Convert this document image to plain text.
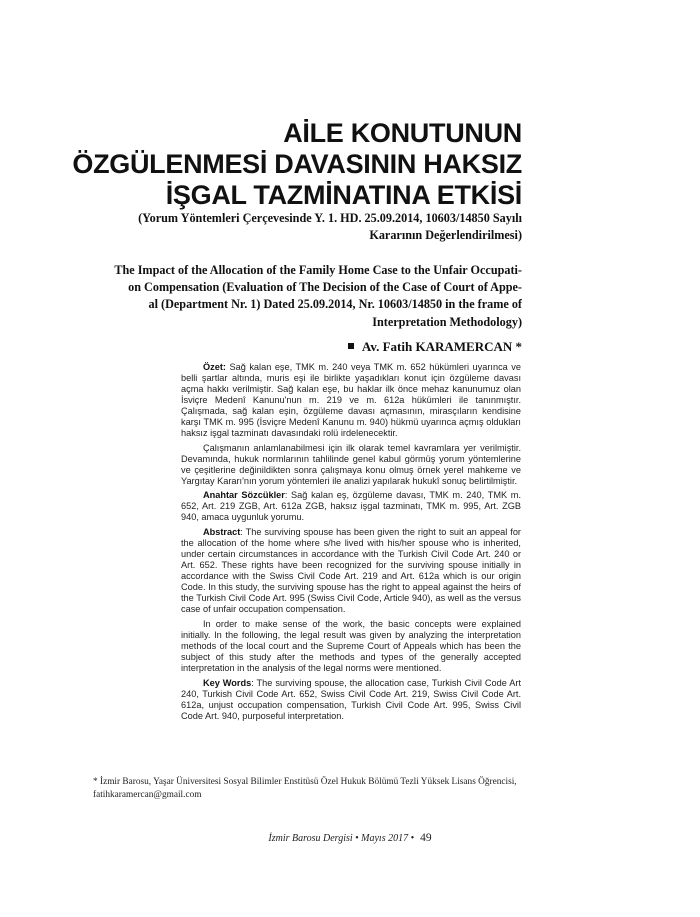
AİLE KONUTUNUN
ÖZGÜLENMESİ DAVASININ HAKSIZ
İŞGAL TAZMİNATINA ETKİSİ
(Yorum Yöntemleri Çerçevesinde Y. 1. HD. 25.09.2014, 10603/14850 Sayılı
Kararının Değerlendirilmesi)
The Impact of the Allocation of the Family Home Case to the Unfair Occupati-
on Compensation (Evaluation of The Decision of the Case of Court of Appe-
al (Department Nr. 1) Dated 25.09.2014, Nr. 10603/14850 in the frame of
Interpretation Methodology)
Av. Fatih KARAMERCAN *

Özet: Sağ kalan eşe, TMK m. 240 veya TMK m. 652 hükümleri uyarınca ve belli şartlar altında, muris eşi ile birlikte yaşadıkları konut için özgüleme davası açma hakkı verilmiştir. Sağ kalan eşe, bu haklar ilk önce mehaz kanunumuz olan İsviçre Medenî Kanunu'nun m. 219 ve m. 612a hükümleri ile tanınmıştır. Çalışmada, sağ kalan eşin, özgüleme davası açmasının, mirasçıların kendisine karşı TMK m. 995 (İsviçre Medenî Kanunu m. 940) hükmü uyarınca açmış oldukları haksız işgal tazminatı davasındaki rolü irdelenecektir.

Çalışmanın anlamlanabilmesi için ilk olarak temel kavramlara yer verilmiştir. Devamında, hukuk normlarının tahlilinde genel kabul görmüş yorum yöntemlerine ve çeşitlerine değinildikten sonra çalışmaya konu olmuş örnek yerel mahkeme ve Yargıtay Kararı'nın yorum yöntemleri ile analizi yapılarak hukukî sonuç belirtilmiştir.

Anahtar Sözcükler: Sağ kalan eş, özgüleme davası, TMK m. 240, TMK m. 652, Art. 219 ZGB, Art. 612a ZGB, haksız işgal tazminatı, TMK m. 995, Art. ZGB 940, amaca uygunluk yorumu.

Abstract: The surviving spouse has been given the right to suit an appeal for the allocation of the home where s/he lived with his/her spouse who is inherited, under certain circumstances in accordance with the Turkish Civil Code Art. 240 or Art. 652. These rights have been recognized for the surviving spouse initially in accordance with the Swiss Civil Code Art. 219 and Art. 612a which is our origin Code. In this study, the surviving spouse has the right to appeal against the heirs of the Turkish Civil Code Art. 995 (Swiss Civil Code, Article 940), as well as the versus case of unfair occupation compensation.

In order to make sense of the work, the basic concepts were explained initially. In the following, the legal result was given by analyzing the interpretation methods of the local court and the Supreme Court of Appeals which has been the subject of this study after the methods and types of the generally accepted interpretation in the analysis of the legal norms were mentioned.

Key Words: The surviving spouse, the allocation case, Turkish Civil Code Art 240, Turkish Civil Code Art. 652, Swiss Civil Code Art. 219, Swiss Civil Code Art. 612a, unjust occupation compensation, Turkish Civil Code Art. 995, Swiss Civil Code Art. 940, purposeful interpretation.

* İzmir Barosu, Yaşar Üniversitesi Sosyal Bilimler Enstitüsü Özel Hukuk Bölümü Tezli Yüksek Lisans Öğrencisi,
fatihkaramercan@gmail.com
İzmir Barosu Dergisi • Mayıs 2017 • 49
